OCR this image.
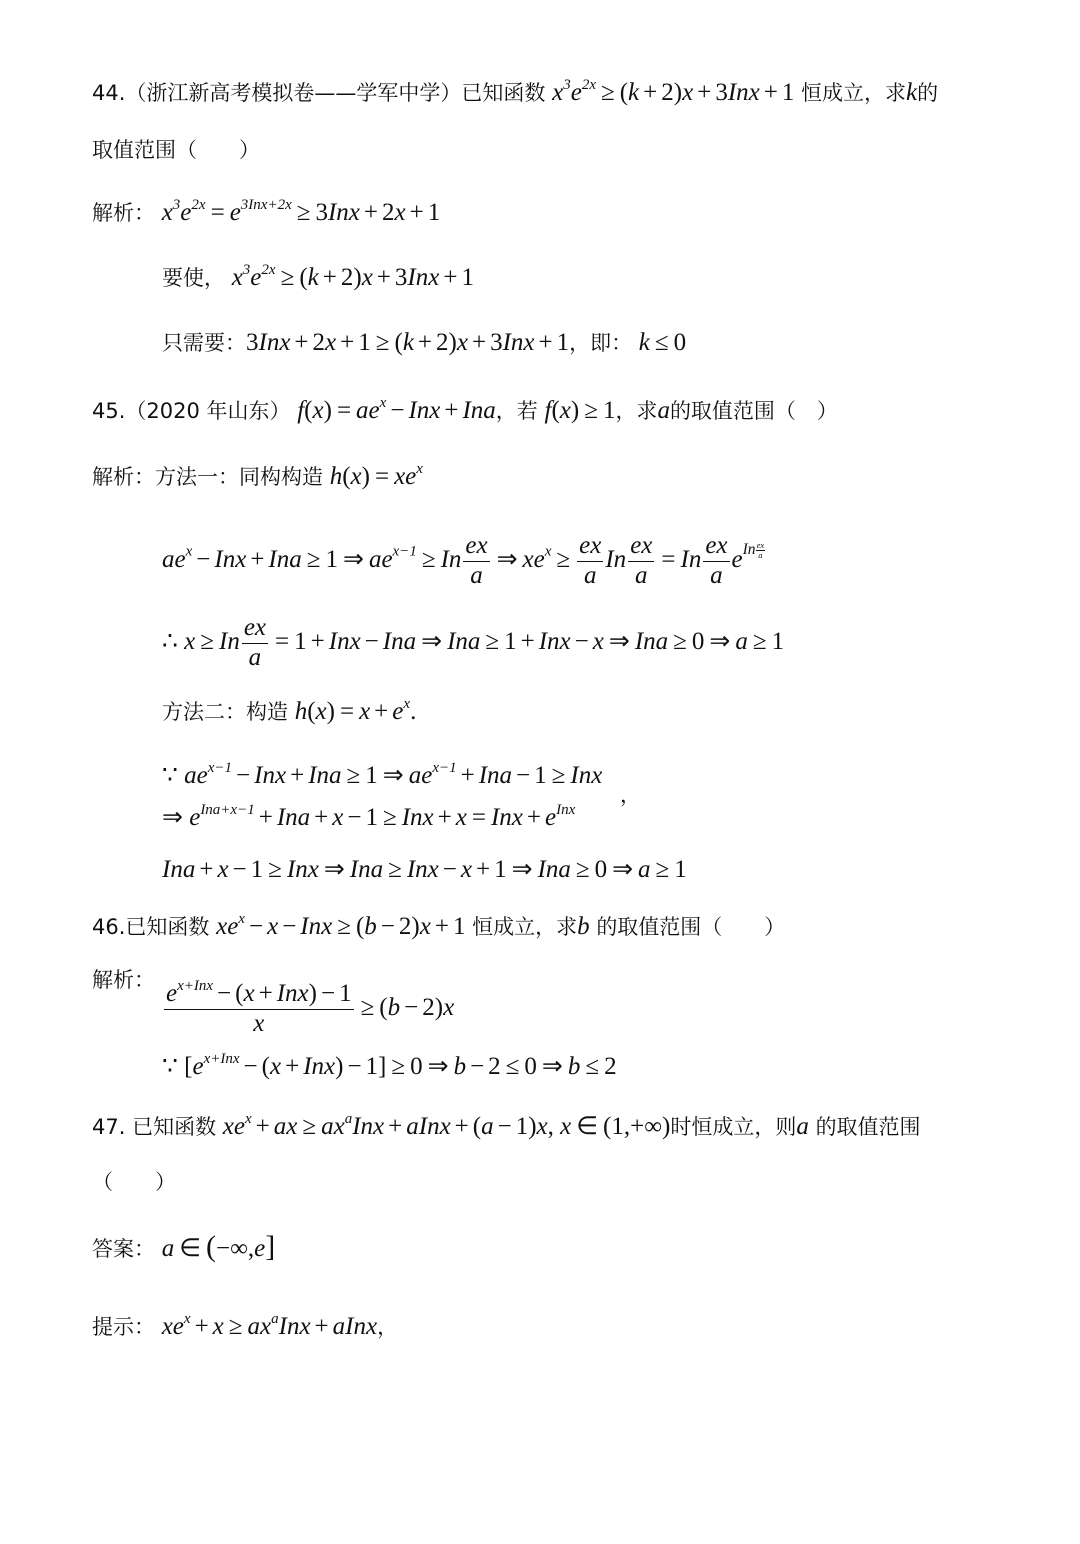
44.（浙江新高考模拟卷——学军中学）已知函数 $x^3e^{2x} \ge (k + 2)x + 3Inx + 1$ 恒成立，求k的
取值范围（　　）
解析： $x^3e^{2x} = e^{3Inx+2x} \ge 3Inx + 2x + 1$
要使， $x^3e^{2x} \ge (k + 2)x + 3Inx + 1$
只需要：3Inx + 2x + 1 ≥ (k + 2)x + 3Inx + 1，即： k ≤ 0
45.（2020 年山东） $f(x) = ae^x$ − Inx + Ina，若 f(x) ≥ 1，求a的取值范围（　）
解析：方法一：同构构造 $h(x) = xe^x$
$ae^x$ − Inx + Ina ≥ 1 ⇒ $ae^{x-1} \ge In \frac{ex}{a}$ ⇒ $xe^x \ge \frac{ex}{a}$ In $\frac{ex}{a} = In \frac{ex}{a}$ eIn $\frac{ex}{a}$
∴ x ≥ In $\frac{ex}{a} = 1$ + Inx − Ina ⇒ Ina ≥ 1 + Inx − x ⇒ Ina ≥ 0 ⇒ a ≥ 1
方法二：构造 $h(x) = x + e^x$.
∵ $ae^{x-1}$ − Inx + Ina ≥ 1 ⇒ $ae^{x-1}$ + Ina − 1 ≥ Inx
，
⇒ $e^{Ina+x-1}$ + Ina + x − 1 ≥ Inx + x = Inx + $e^{Inx}$
Ina + x − 1 ≥ Inx ⇒ Ina ≥ Inx − x + 1 ⇒ Ina ≥ 0 ⇒ a ≥ 1
46.已知函数 $xe^x - x$ − Inx ≥ (b − 2)x + 1 恒成立，求b 的取值范围（　　）
解析： $\frac{e^{x+Inx} - (x + Inx) - 1}{x} \ge (b - 2)x$
∵ $[e^{x+Inx} - (x + Inx) - 1] \ge 0$ ⇒ b − 2 ≤ 0 ⇒ b ≤ 2
47. 已知函数 $xe^x$ + ax ≥ $ax^aInx$ + aInx + (a − 1)x, x ∈ (1,+∞)时恒成立，则a 的取值范围
（　　）
答案： a ∈ (−∞,e]
提示： $xe^x + x \ge ax^aInx$ + aInx，
